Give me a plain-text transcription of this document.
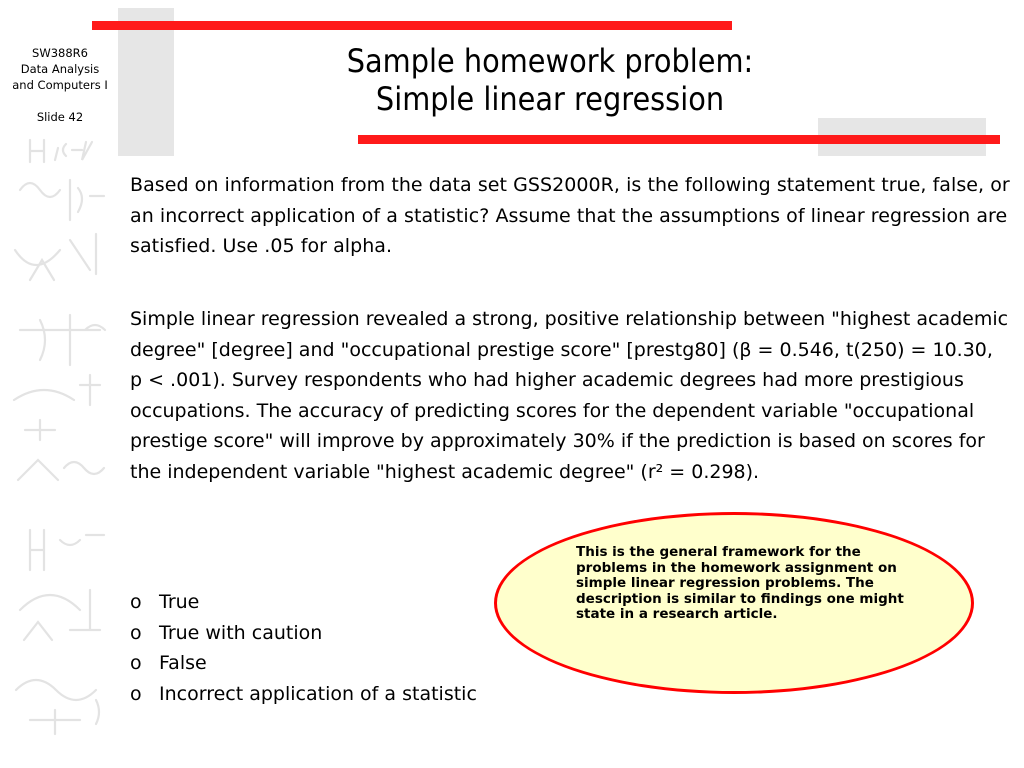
SW388R6
Data Analysis
and Computers I
Slide 42
Sample homework problem:
Simple linear regression

Based on information from the data set GSS2000R, is the following statement true, false, or an incorrect application of a statistic? Assume that the assumptions of linear regression are satisfied. Use .05 for alpha.

Simple linear regression revealed a strong, positive relationship between "highest academic degree" [degree] and "occupational prestige score" [prestg80] (β = 0.546, t(250) = 10.30, p < .001). Survey respondents who had higher academic degrees had more prestigious occupations. The accuracy of predicting scores for the dependent variable "occupational prestige score" will improve by approximately 30% if the prediction is based on scores for the independent variable "highest academic degree" (r² = 0.298).

o True
o True with caution
o False
o Incorrect application of a statistic
This is the general framework for the problems in the homework assignment on simple linear regression problems. The description is similar to findings one might state in a research article.
